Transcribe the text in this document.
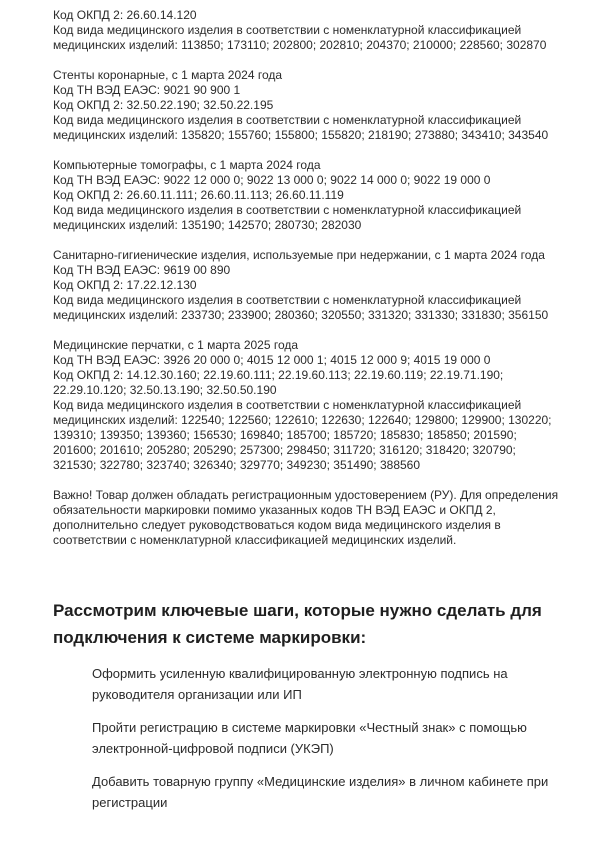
Код ОКПД 2: 26.60.14.120
Код вида медицинского изделия в соответствии с номенклатурной классификацией
медицинских изделий: 113850; 173110; 202800; 202810; 204370; 210000; 228560; 302870
Стенты коронарные, с 1 марта 2024 года
Код ТН ВЭД ЕАЭС: 9021 90 900 1
Код ОКПД 2: 32.50.22.190; 32.50.22.195
Код вида медицинского изделия в соответствии с номенклатурной классификацией
медицинских изделий: 135820; 155760; 155800; 155820; 218190; 273880; 343410; 343540
Компьютерные томографы, с 1 марта 2024 года
Код ТН ВЭД ЕАЭС: 9022 12 000 0; 9022 13 000 0; 9022 14 000 0; 9022 19 000 0
Код ОКПД 2: 26.60.11.111; 26.60.11.113; 26.60.11.119
Код вида медицинского изделия в соответствии с номенклатурной классификацией
медицинских изделий: 135190; 142570; 280730; 282030
Санитарно-гигиенические изделия, используемые при недержании, с 1 марта 2024 года
Код ТН ВЭД ЕАЭС: 9619 00 890
Код ОКПД 2: 17.22.12.130
Код вида медицинского изделия в соответствии с номенклатурной классификацией
медицинских изделий: 233730; 233900; 280360; 320550; 331320; 331330; 331830; 356150
Медицинские перчатки, с 1 марта 2025 года
Код ТН ВЭД ЕАЭС: 3926 20 000 0; 4015 12 000 1; 4015 12 000 9; 4015 19 000 0
Код ОКПД 2: 14.12.30.160; 22.19.60.111; 22.19.60.113; 22.19.60.119; 22.19.71.190;
22.29.10.120; 32.50.13.190; 32.50.50.190
Код вида медицинского изделия в соответствии с номенклатурной классификацией
медицинских изделий: 122540; 122560; 122610; 122630; 122640; 129800; 129900; 130220;
139310; 139350; 139360; 156530; 169840; 185700; 185720; 185830; 185850; 201590;
201600; 201610; 205280; 205290; 257300; 298450; 311720; 316120; 318420; 320790;
321530; 322780; 323740; 326340; 329770; 349230; 351490; 388560
Важно! Товар должен обладать регистрационным удостоверением (РУ). Для определения
обязательности маркировки помимо указанных кодов ТН ВЭД ЕАЭС и ОКПД 2,
дополнительно следует руководствоваться кодом вида медицинского изделия в
соответствии с номенклатурной классификацией медицинских изделий.
Рассмотрим ключевые шаги, которые нужно сделать для
подключения к системе маркировки:
Оформить усиленную квалифицированную электронную подпись на
руководителя организации или ИП
Пройти регистрацию в системе маркировки «Честный знак» с помощью
электронной-цифровой подписи (УКЭП)
Добавить товарную группу «Медицинские изделия» в личном кабинете при
регистрации
